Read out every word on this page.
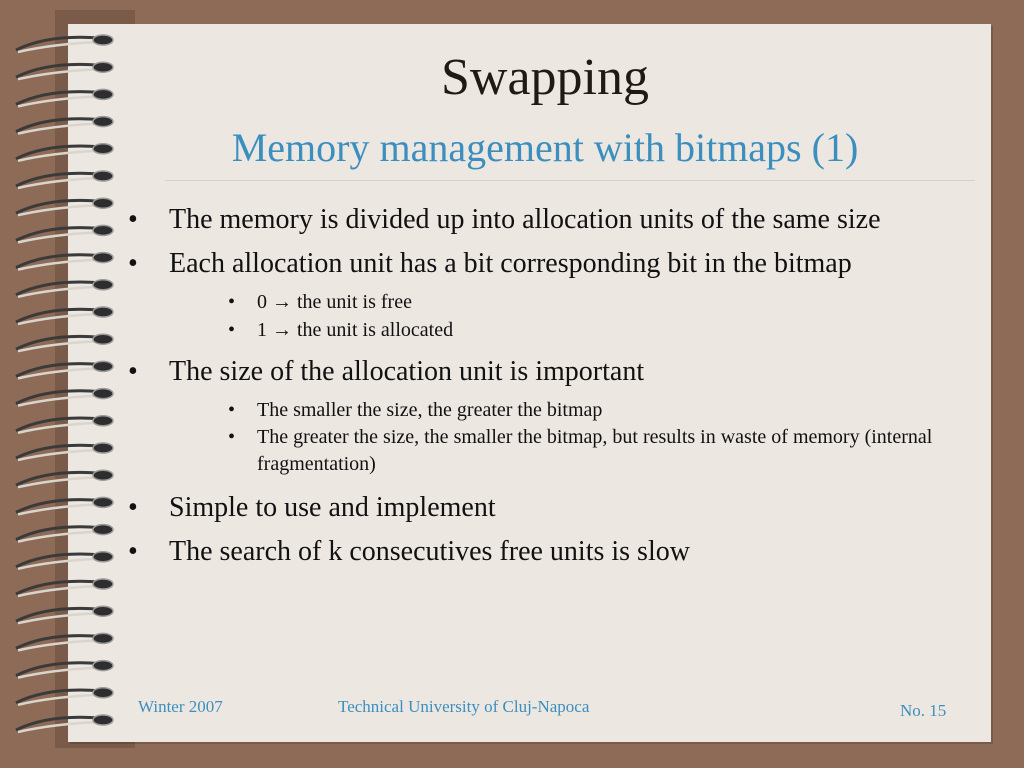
Swapping
Memory management with bitmaps (1)
• The memory is divided up into allocation units of the same size
• Each allocation unit has a bit corresponding bit in the bitmap
• 0 → the unit is free
• 1 → the unit is allocated
• The size of the allocation unit is important
• The smaller the size, the greater the bitmap
• The greater the size, the smaller the bitmap, but results in waste of memory (internal fragmentation)
• Simple to use and implement
• The search of k consecutives free units is slow
Winter 2007	Technical University of Cluj-Napoca	No. 15
